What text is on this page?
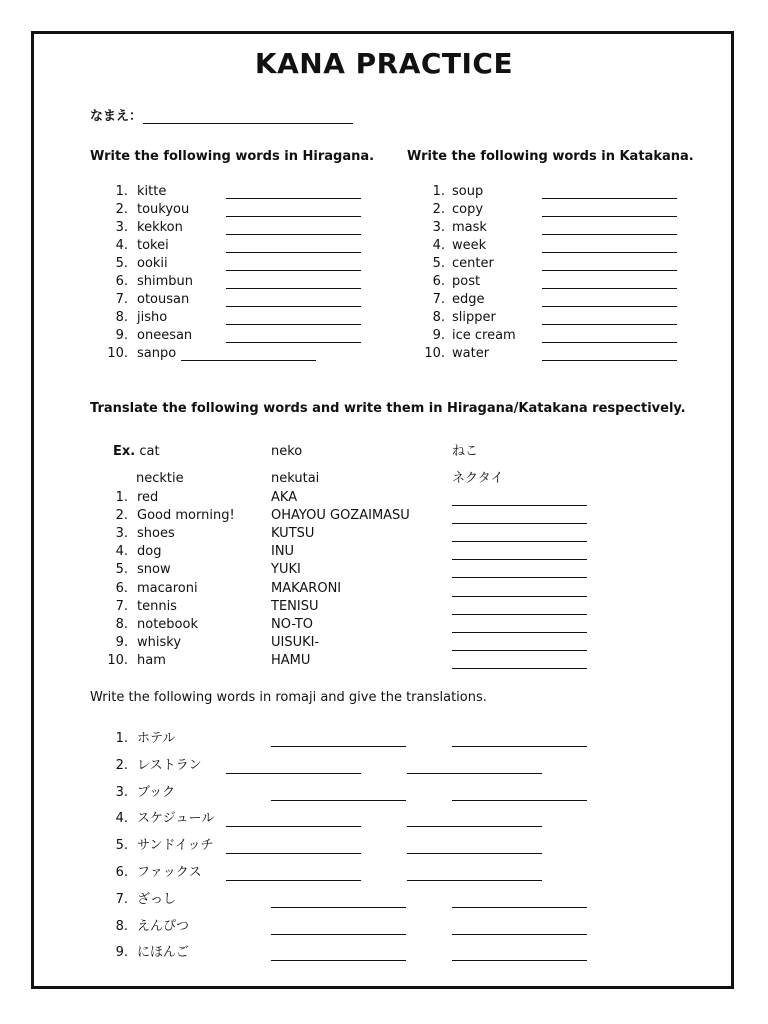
KANA PRACTICE
なまえ：
Write the following words in Hiragana.	Write the following words in Katakana.
1. kitte
2. toukyou
3. kekkon
4. tokei
5. ookii
6. shimbun
7. otousan
8. jisho
9. oneesan
10. sanpo
1. soup
2. copy
3. mask
4. week
5. center
6. post
7. edge
8. slipper
9. ice cream
10. water
Translate the following words and write them in Hiragana/Katakana respectively.
Ex. cat	neko	ねこ
necktie	nekutai	ネクタイ
1. red	AKA
2. Good morning!	OHAYOU GOZAIMASU
3. shoes	KUTSU
4. dog	INU
5. snow	YUKI
6. macaroni	MAKARONI
7. tennis	TENISU
8. notebook	NO-TO
9. whisky	UISUKI-
10. ham	HAMU
Write the following words in romaji and give the translations.
1. ホテル
2. レストラン
3. ブック
4. スケジュール
5. サンドイッチ
6. ファックス
7. ざっし
8. えんぴつ
9. にほんご
